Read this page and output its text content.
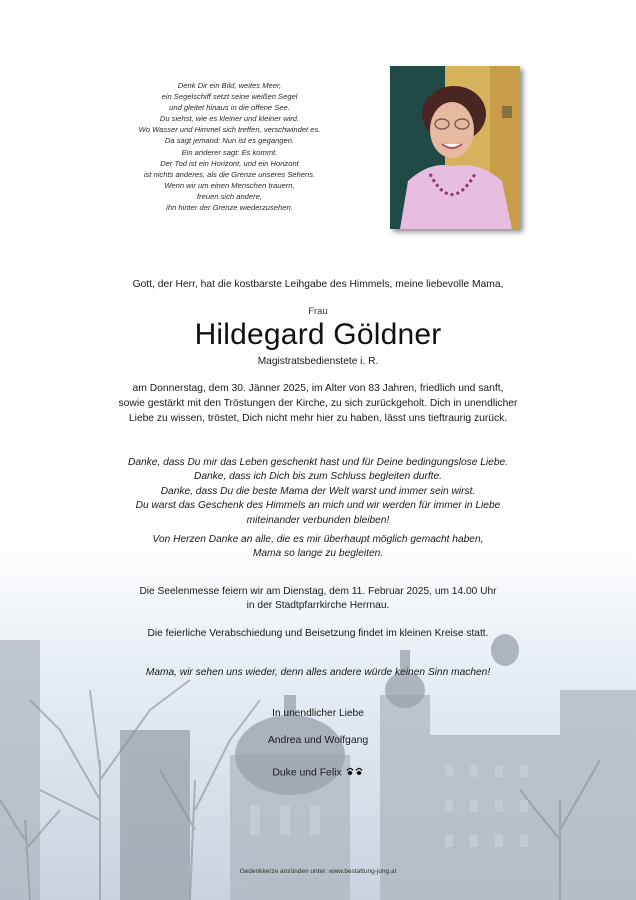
Denk Dir ein Bild, weites Meer,
ein Segelschiff setzt seine weißen Segel
und gleitet hinaus in die offene See.
Du siehst, wie es kleiner und kleiner wird.
Wo Wasser und Himmel sich treffen, verschwindet es.
Da sagt jemand: Nun ist es gegangen.
Ein anderer sagt: Es kommt.
Der Tod ist ein Horizont, und ein Horizont
ist nichts anderes, als die Grenze unseres Sehens.
Wenn wir um einen Menschen trauern,
freuen sich andere,
ihn hinter der Grenze wiederzusehen.
Gott, der Herr, hat die kostbarste Leihgabe des Himmels, meine liebevolle Mama,
Frau
Hildegard Göldner
Magistratsbedienstete i. R.
am Donnerstag, dem 30. Jänner 2025, im Alter von 83 Jahren, friedlich und sanft,
sowie gestärkt mit den Tröstungen der Kirche, zu sich zurückgeholt. Dich in unendlicher
Liebe zu wissen, tröstet, Dich nicht mehr hier zu haben, lässt uns tieftraurig zurück.
Danke, dass Du mir das Leben geschenkt hast und für Deine bedingungslose Liebe.
Danke, dass ich Dich bis zum Schluss begleiten durfte.
Danke, dass Du die beste Mama der Welt warst und immer sein wirst.
Du warst das Geschenk des Himmels an mich und wir werden für immer in Liebe
miteinander verbunden bleiben!
Von Herzen Danke an alle, die es mir überhaupt möglich gemacht haben,
Mama so lange zu begleiten.
Die Seelenmesse feiern wir am Dienstag, dem 11. Februar 2025, um 14.00 Uhr
in der Stadtpfarrkirche Herrnau.
Die feierliche Verabschiedung und Beisetzung findet im kleinen Kreise statt.
Mama, wir sehen uns wieder, denn alles andere würde keinen Sinn machen!
In unendlicher Liebe
Andrea und Wolfgang
Duke und Felix
Gedenkkerze anzünden unter: www.bestattung-jung.at
